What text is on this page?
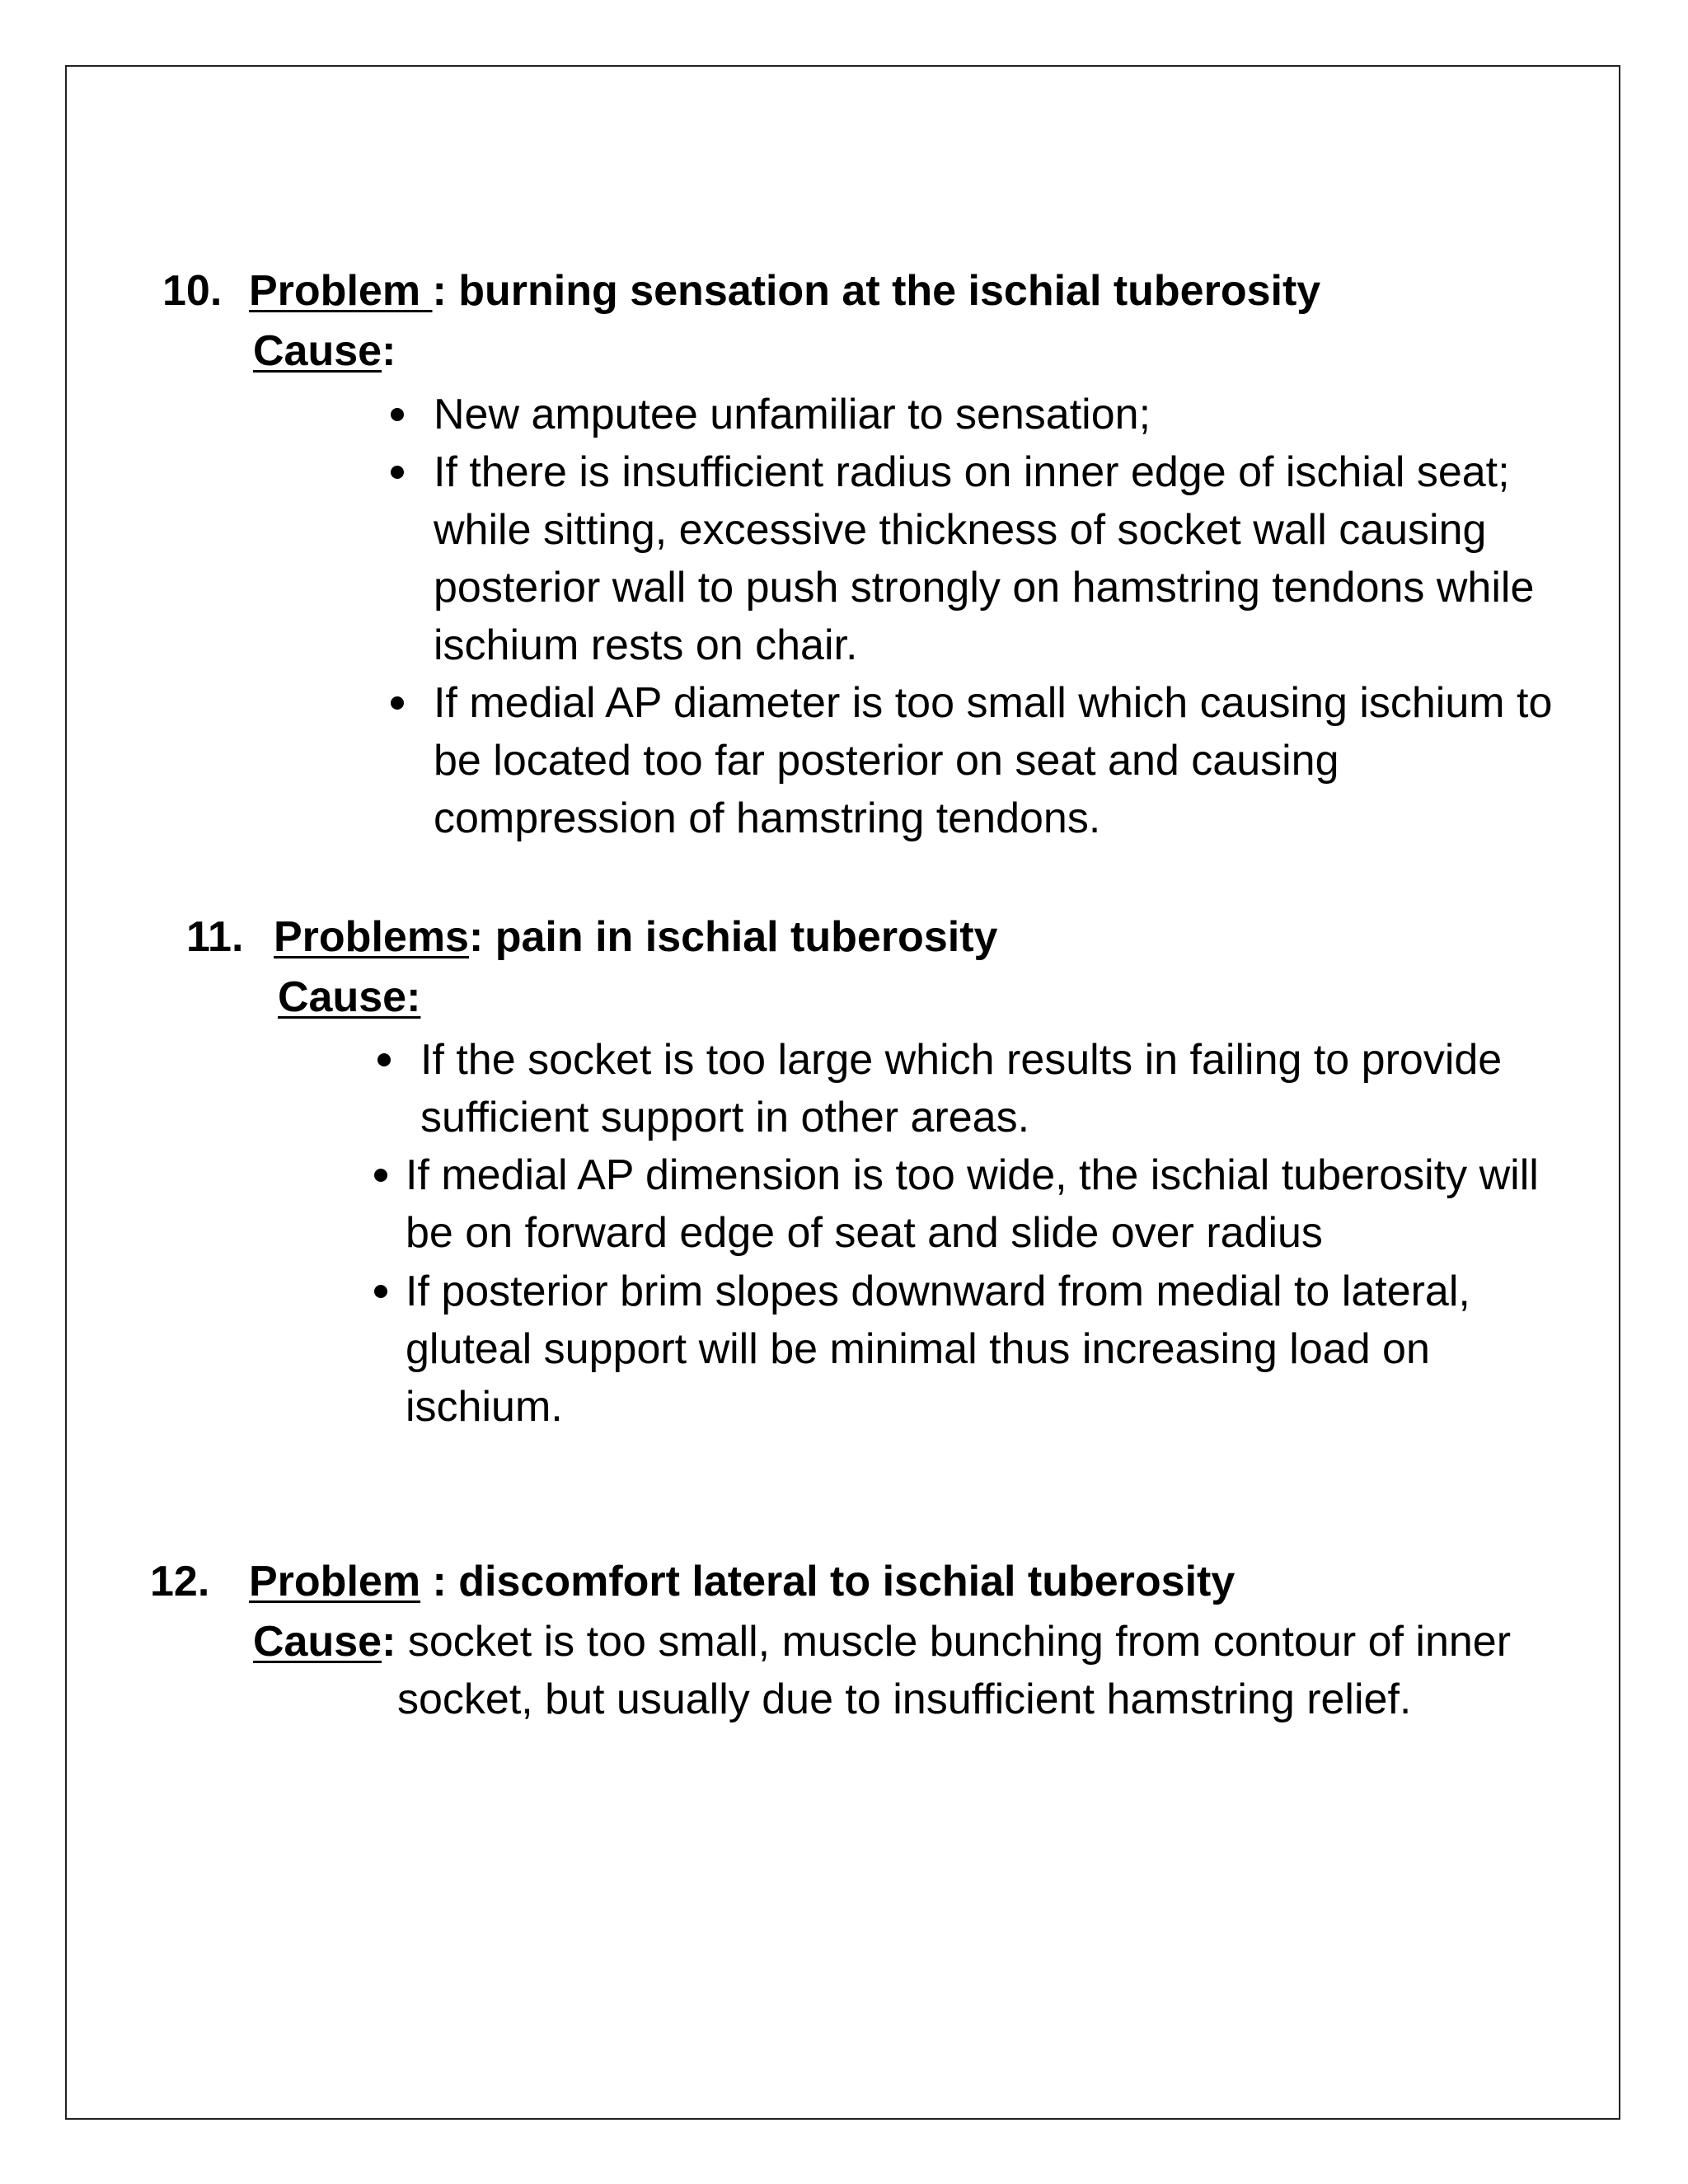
10. Problem : burning sensation at the ischial tuberosity
Cause:
New amputee unfamiliar to sensation;
If there is insufficient radius on inner edge of ischial seat;
while sitting, excessive thickness of socket wall causing
posterior wall to push strongly on hamstring tendons while
ischium rests on chair.
If medial AP diameter is too small which causing ischium to
be located too far posterior on seat and causing
compression of hamstring tendons.
11. Problems: pain in ischial tuberosity
Cause:
If the socket is too large which results in failing to provide
sufficient support in other areas.
If medial AP dimension is too wide, the ischial tuberosity will
be on forward edge of seat and slide over radius
If posterior brim slopes downward from medial to lateral,
gluteal support will be minimal thus increasing load on
ischium.
12. Problem : discomfort lateral to ischial tuberosity
Cause: socket is too small, muscle bunching from contour of inner
socket, but usually due to insufficient hamstring relief.
